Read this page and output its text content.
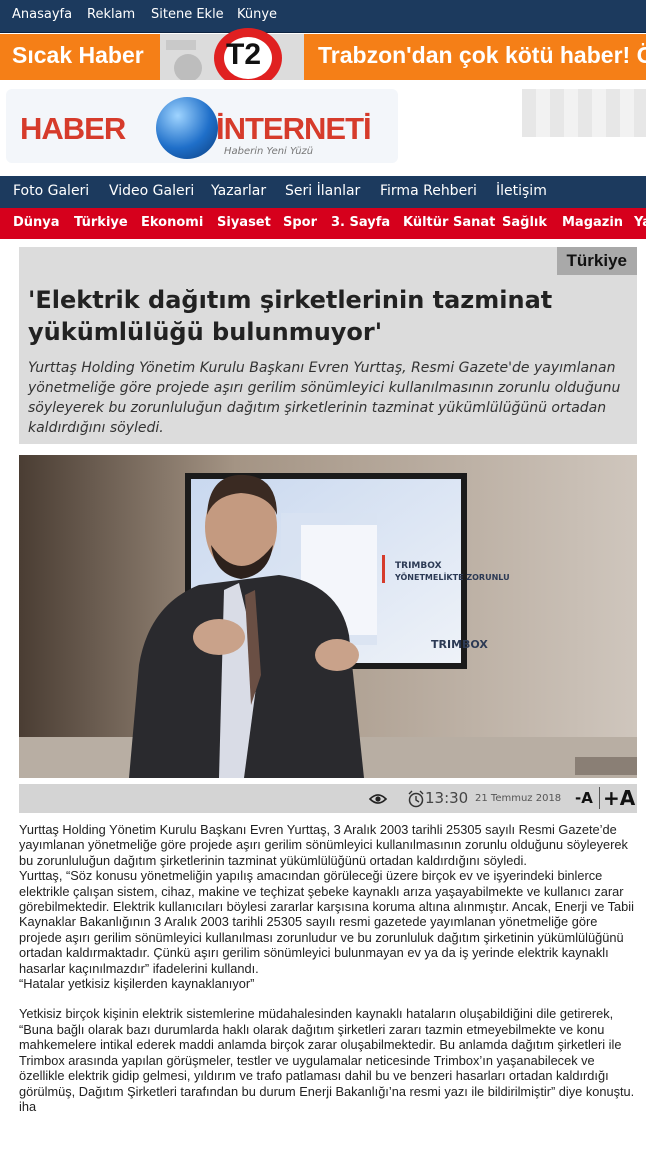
Anasayfa Reklam Sitene Ekle Künye
Sıcak Haber	T2 Trabzon'dan çok kötü haber! Ö
HABER	İNTERNETİ
Haberin Yeni Yüzü
Foto Galeri Video Galeri Yazarlar Seri İlanlar Firma Rehberi İletişim
Dünya Türkiye Ekonomi Siyaset Spor 3. Sayfa Kültür Sanat Sağlık Magazin Ya
Türkiye
'Elektrik dağıtım şirketlerinin tazminat yükümlülüğü bulunmuyor'

Yurttaş Holding Yönetim Kurulu Başkanı Evren Yurttaş, Resmi Gazete'de yayımlanan yönetmeliğe göre projede aşırı gerilim sönümleyici kullanılmasının zorunlu olduğunu söyleyerek bu zorunluluğun dağıtım şirketlerinin tazminat yükümlülüğünü ortadan kaldırdığını söyledi.

TRIMBOX
YÖNETMELİKTE ZORUNLU
TRIMBOX
13:30 21 Temmuz 2018 -A +A

Yurttaş Holding Yönetim Kurulu Başkanı Evren Yurttaş, 3 Aralık 2003 tarihli 25305 sayılı Resmi Gazete’de yayımlanan yönetmeliğe göre projede aşırı gerilim sönümleyici kullanılmasının zorunlu olduğunu söyleyerek bu zorunluluğun dağıtım şirketlerinin tazminat yükümlülüğünü ortadan kaldırdığını söyledi.

Yurttaş, “Söz konusu yönetmeliğin yapılış amacından görüleceği üzere birçok ev ve işyerindeki binlerce elektrikle çalışan sistem, cihaz, makine ve teçhizat şebeke kaynaklı arıza yaşayabilmekte ve kullanıcı zarar görebilmektedir. Elektrik kullanıcıları böylesi zararlar karşısına koruma altına alınmıştır. Ancak, Enerji ve Tabii Kaynaklar Bakanlığının 3 Aralık 2003 tarihli 25305 sayılı resmi gazetede yayımlanan yönetmeliğe göre projede aşırı gerilim sönümleyici kullanılması zorunludur ve bu zorunluluk dağıtım şirketinin yükümlülüğünü ortadan kaldırmaktadır. Çünkü aşırı gerilim sönümleyici bulunmayan ev ya da iş yerinde elektrik kaynaklı hasarlar kaçınılmazdır” ifadelerini kullandı.

“Hatalar yetkisiz kişilerden kaynaklanıyor”

Yetkisiz birçok kişinin elektrik sistemlerine müdahalesinden kaynaklı hataların oluşabildiğini dile getirerek, “Buna bağlı olarak bazı durumlarda haklı olarak dağıtım şirketleri zararı tazmin etmeyebilmekte ve konu mahkemelere intikal ederek maddi anlamda birçok zarar oluşabilmektedir. Bu anlamda dağıtım şirketleri ile Trimbox arasında yapılan görüşmeler, testler ve uygulamalar neticesinde Trimbox’ın yaşanabilecek ve özellikle elektrik gidip gelmesi, yıldırım ve trafo patlaması dahil bu ve benzeri hasarları ortadan kaldırdığı görülmüş, Dağıtım Şirketleri tarafından bu durum Enerji Bakanlığı’na resmi yazı ile bildirilmiştir” diye konuştu. iha
